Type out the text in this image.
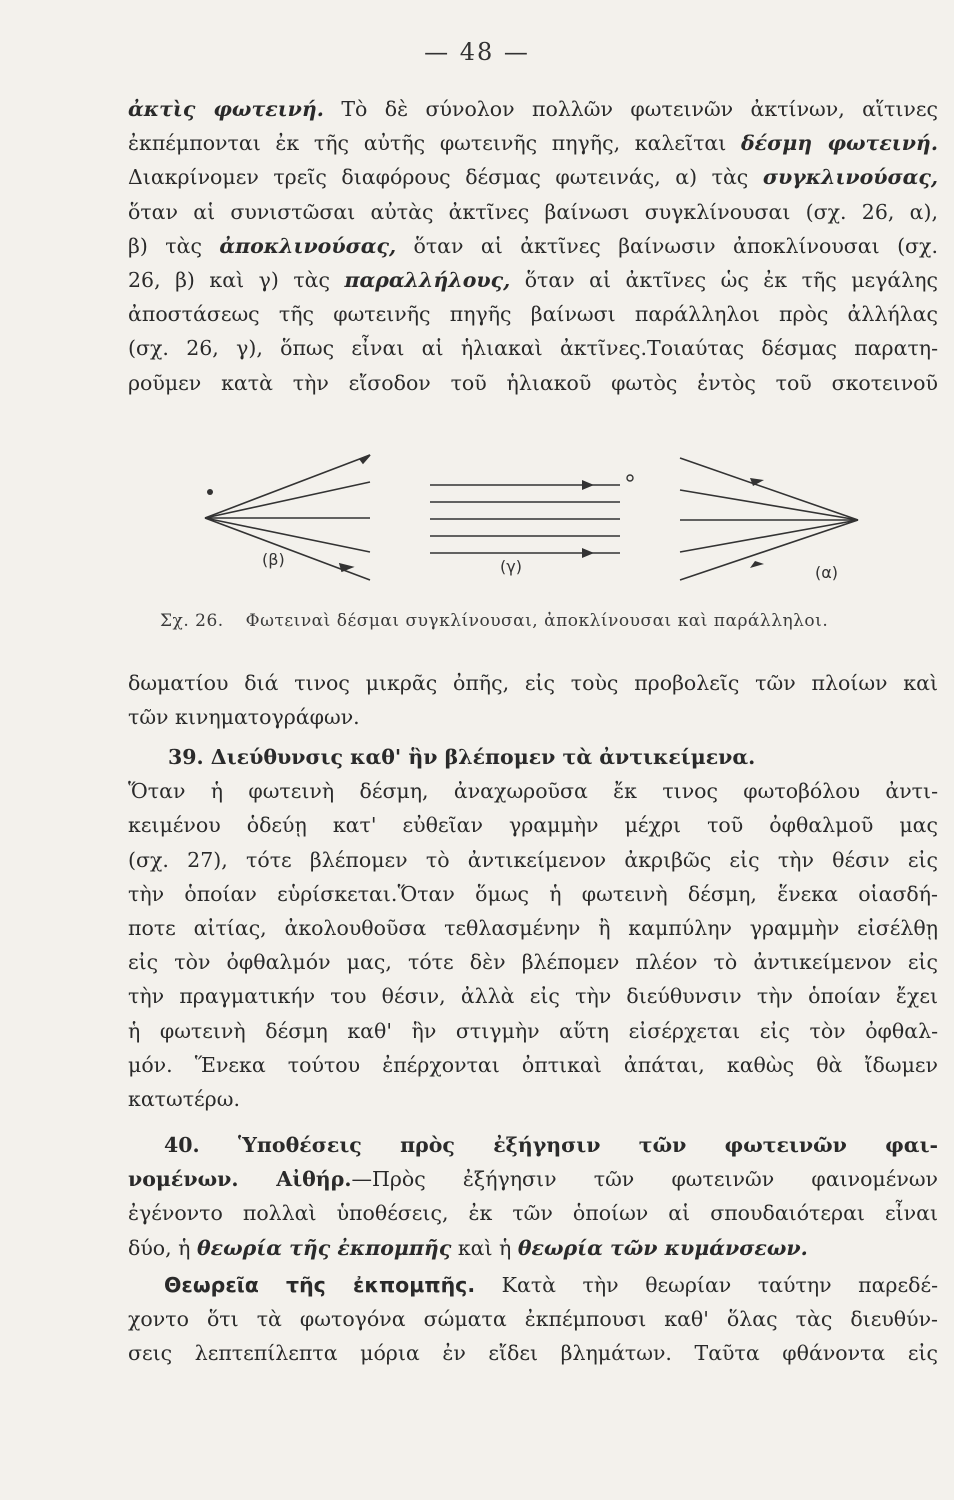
— 48 —
ἀκτὶς φωτεινή. Τὸ δὲ σύνολον πολλῶν φωτεινῶν ἀκτίνων, αἵτινες
ἐκπέμπονται ἐκ τῆς αὐτῆς φωτεινῆς πηγῆς, καλεῖται δέσμη φωτεινή.
Διακρίνομεν τρεῖς διαφόρους δέσμας φωτεινάς, α) τὰς συγκλινούσας,
ὅταν αἱ συνιστῶσαι αὐτὰς ἀκτῖνες βαίνωσι συγκλίνουσαι (σχ. 26, α),
β) τὰς ἀποκλινούσας, ὅταν αἱ ἀκτῖνες βαίνωσιν ἀποκλίνουσαι (σχ.
26, β) καὶ γ) τὰς παραλλήλους, ὅταν αἱ ἀκτῖνες ὡς ἐκ τῆς μεγάλης
ἀποστάσεως τῆς φωτεινῆς πηγῆς βαίνωσι παράλληλοι πρὸς ἀλλήλας
(σχ. 26, γ), ὅπως εἶναι αἱ ἡλιακαὶ ἀκτῖνες.Τοιαύτας δέσμας παρατη-
ροῦμεν κατὰ τὴν εἴσοδον τοῦ ἡλιακοῦ φωτὸς ἐντὸς τοῦ σκοτεινοῦ
(β)	(γ)	(α)
Σχ. 26. Φωτειναὶ δέσμαι συγκλίνουσαι, ἀποκλίνουσαι καὶ παράλληλοι.
δωματίου διά τινος μικρᾶς ὀπῆς, εἰς τοὺς προβολεῖς τῶν πλοίων καὶ
τῶν κινηματογράφων.
39. Διεύθυνσις καθ' ἣν βλέπομεν τὰ ἀντικείμενα.
Ὅταν ἡ φωτεινὴ δέσμη, ἀναχωροῦσα ἔκ τινος φωτοβόλου ἀντι-
κειμένου ὁδεύῃ κατ' εὐθεῖαν γραμμὴν μέχρι τοῦ ὀφθαλμοῦ μας
(σχ. 27), τότε βλέπομεν τὸ ἀντικείμενον ἀκριβῶς εἰς τὴν θέσιν εἰς
τὴν ὁποίαν εὑρίσκεται.Ὅταν ὅμως ἡ φωτεινὴ δέσμη, ἕνεκα οἱασδή-
ποτε αἰτίας, ἀκολουθοῦσα τεθλασμένην ἢ καμπύλην γραμμὴν εἰσέλθῃ
εἰς τὸν ὀφθαλμόν μας, τότε δὲν βλέπομεν πλέον τὸ ἀντικείμενον εἰς
τὴν πραγματικήν του θέσιν, ἀλλὰ εἰς τὴν διεύθυνσιν τὴν ὁποίαν ἔχει
ἡ φωτεινὴ δέσμη καθ' ἣν στιγμὴν αὕτη εἰσέρχεται εἰς τὸν ὀφθαλ-
μόν. Ἕνεκα τούτου ἐπέρχονται ὀπτικαὶ ἀπάται, καθὼς θὰ ἴδωμεν
κατωτέρω.
40. Ὑποθέσεις πρὸς ἐξήγησιν τῶν φωτεινῶν φαι-
νομένων. Αἰθήρ.—Πρὸς ἐξήγησιν τῶν φωτεινῶν φαινομένων
ἐγένοντο πολλαὶ ὑποθέσεις, ἐκ τῶν ὁποίων αἱ σπουδαιότεραι εἶναι
δύο, ἡ θεωρία τῆς ἐκπομπῆς καὶ ἡ θεωρία τῶν κυμάνσεων.
Θεωρεῖα τῆς ἐκπομπῆς. Κατὰ τὴν θεωρίαν ταύτην παρεδέ-
χοντο ὅτι τὰ φωτογόνα σώματα ἐκπέμπουσι καθ' ὅλας τὰς διευθύν-
σεις λεπτεπίλεπτα μόρια ἐν εἴδει βλημάτων. Ταῦτα φθάνοντα εἰς
